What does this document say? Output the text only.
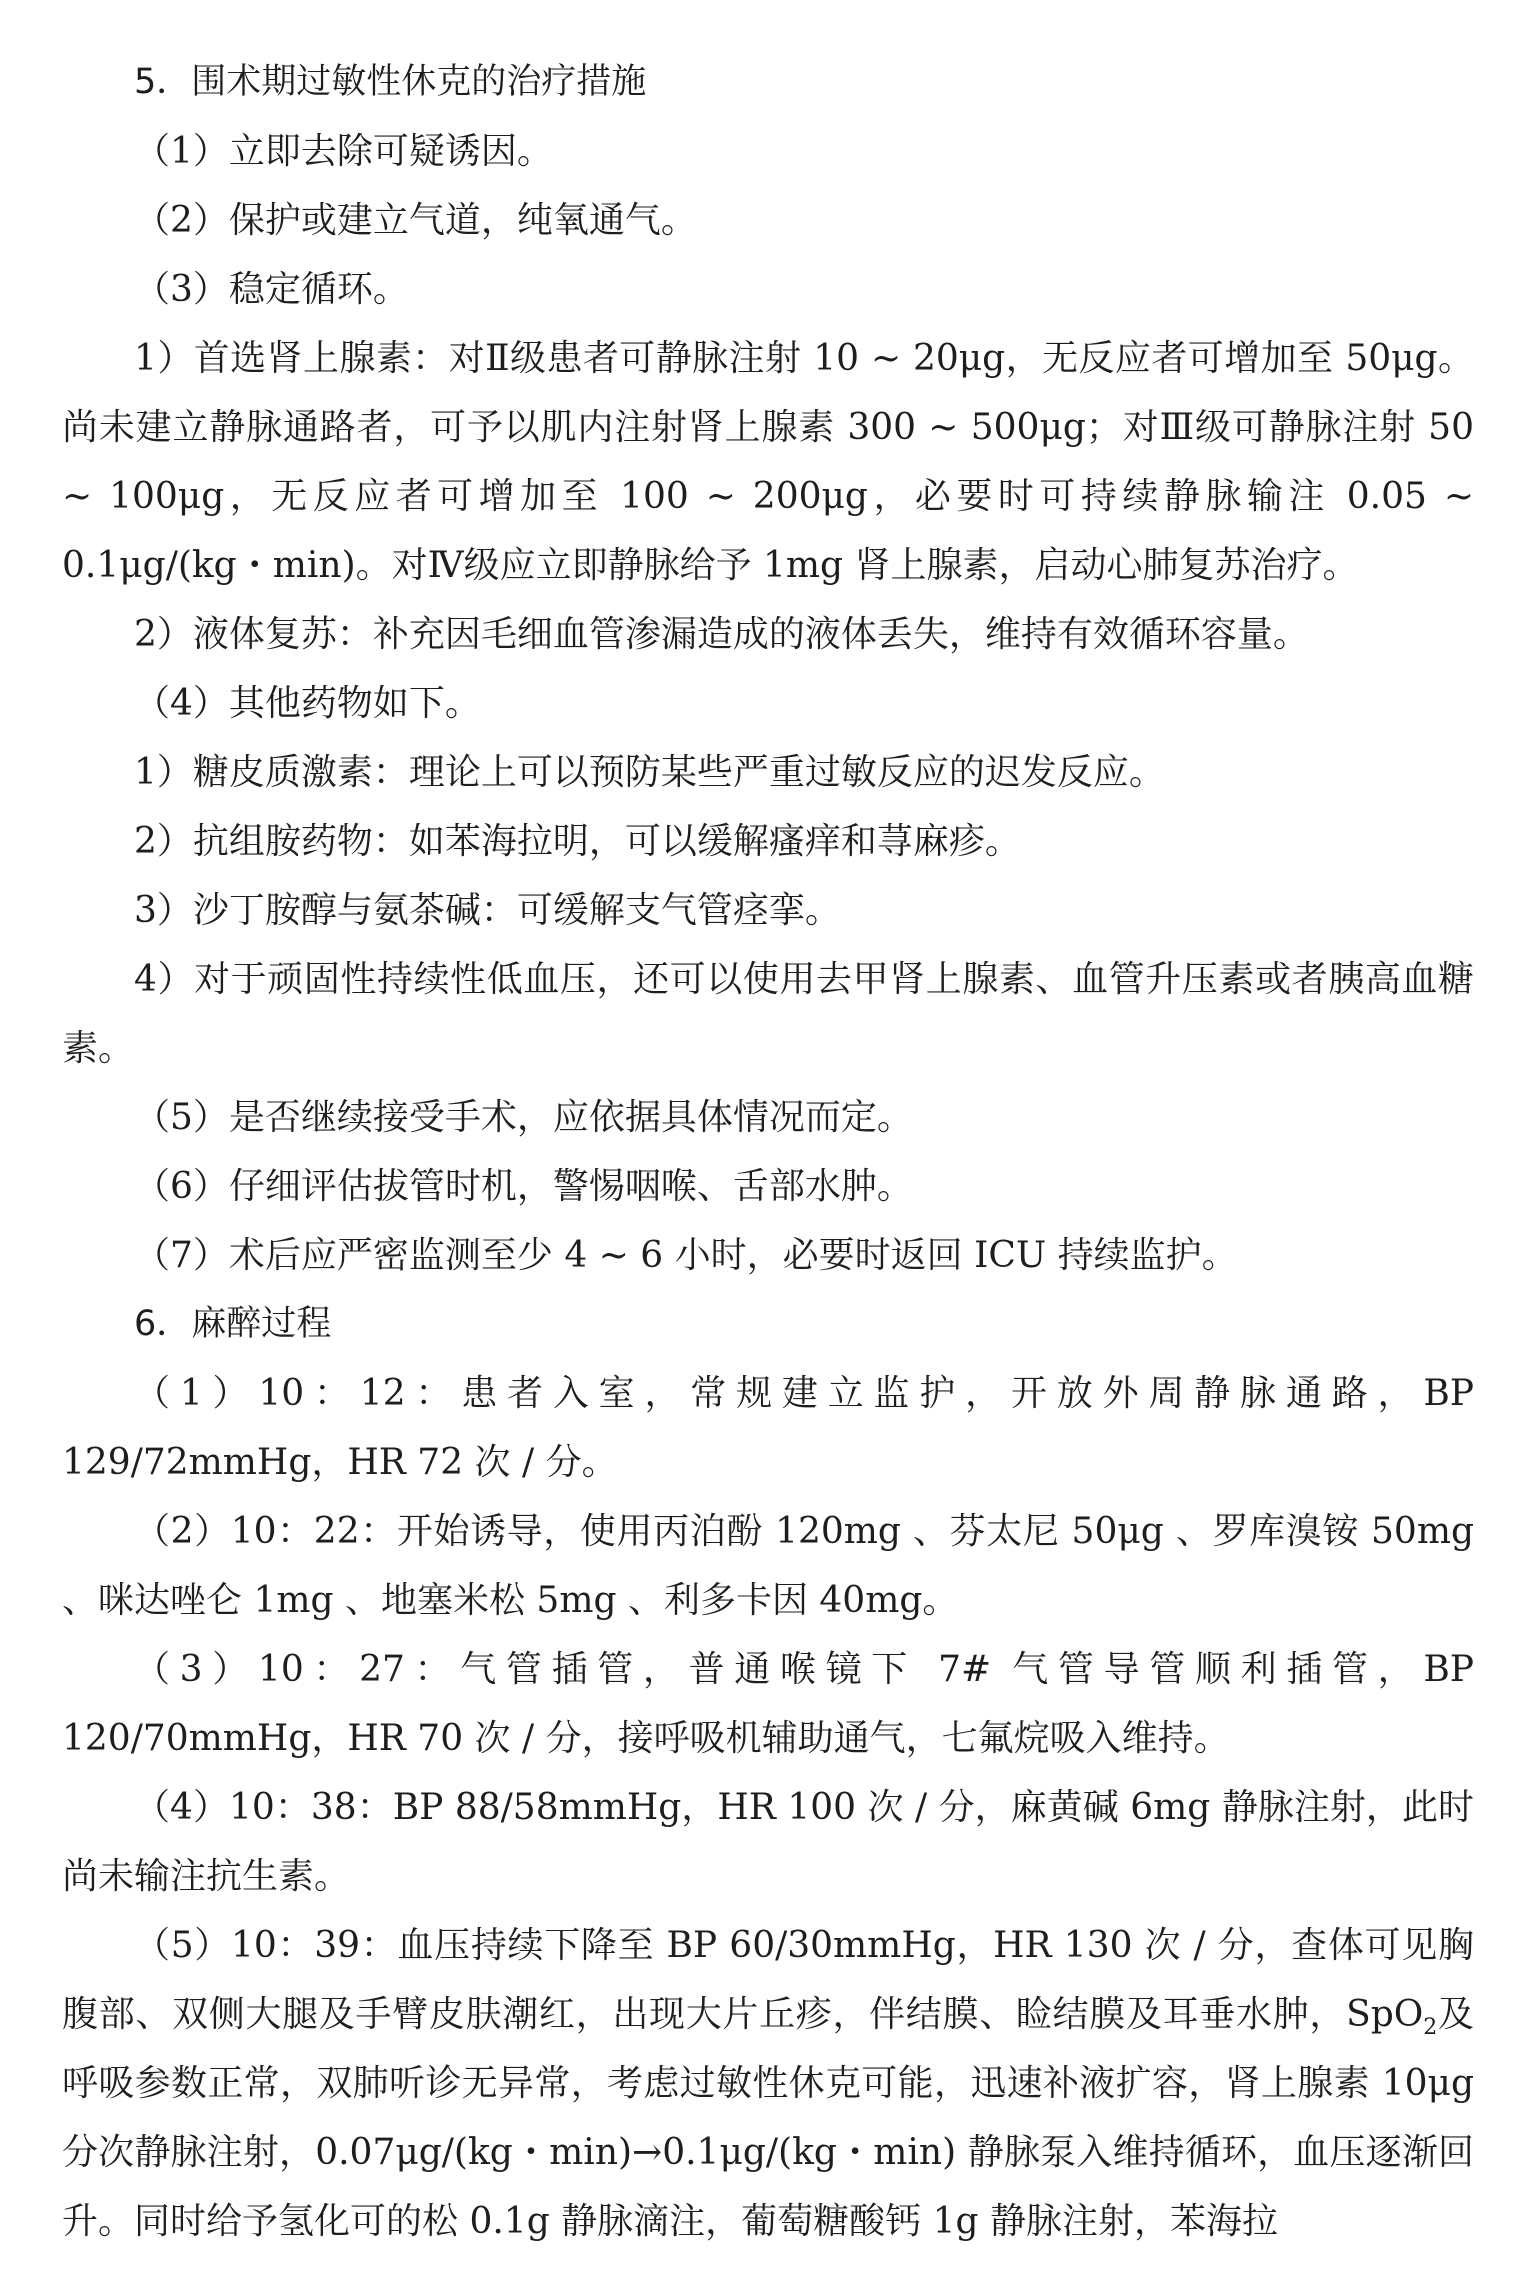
5．围术期过敏性休克的治疗措施

（1）立即去除可疑诱因。

（2）保护或建立气道，纯氧通气。

（3）稳定循环。

1）首选肾上腺素：对Ⅱ级患者可静脉注射 10 ~ 20μg，无反应者可增加至 50μg。尚未建立静脉通路者，可予以肌内注射肾上腺素 300 ~ 500μg；对Ⅲ级可静脉注射 50 ~ 100μg，无反应者可增加至 100 ~ 200μg，必要时可持续静脉输注 0.05 ~ 0.1μg/(kg・min)。对Ⅳ级应立即静脉给予 1mg 肾上腺素，启动心肺复苏治疗。

2）液体复苏：补充因毛细血管渗漏造成的液体丢失，维持有效循环容量。

（4）其他药物如下。

1）糖皮质激素：理论上可以预防某些严重过敏反应的迟发反应。

2）抗组胺药物：如苯海拉明，可以缓解瘙痒和荨麻疹。

3）沙丁胺醇与氨茶碱：可缓解支气管痉挛。

4）对于顽固性持续性低血压，还可以使用去甲肾上腺素、血管升压素或者胰高血糖素。

（5）是否继续接受手术，应依据具体情况而定。

（6）仔细评估拔管时机，警惕咽喉、舌部水肿。

（7）术后应严密监测至少 4 ~ 6 小时，必要时返回 ICU 持续监护。

6．麻醉过程

（1）10：12：患者入室，常规建立监护，开放外周静脉通路，BP 129/72mmHg，HR 72 次 / 分。

（2）10：22：开始诱导，使用丙泊酚 120mg 、芬太尼 50μg 、罗库溴铵 50mg 、咪达唑仑 1mg 、地塞米松 5mg 、利多卡因 40mg。

（3）10：27：气管插管，普通喉镜下 7# 气管导管顺利插管，BP 120/70mmHg，HR 70 次 / 分，接呼吸机辅助通气，七氟烷吸入维持。

（4）10：38：BP 88/58mmHg，HR 100 次 / 分，麻黄碱 6mg 静脉注射，此时尚未输注抗生素。

（5）10：39：血压持续下降至 BP 60/30mmHg，HR 130 次 / 分，查体可见胸腹部、双侧大腿及手臂皮肤潮红，出现大片丘疹，伴结膜、睑结膜及耳垂水肿，SpO$_2$及呼吸参数正常，双肺听诊无异常，考虑过敏性休克可能，迅速补液扩容，肾上腺素 10μg 分次静脉注射，0.07μg/(kg・min)→0.1μg/(kg・min) 静脉泵入维持循环，血压逐渐回升。同时给予氢化可的松 0.1g 静脉滴注，葡萄糖酸钙 1g 静脉注射，苯海拉
